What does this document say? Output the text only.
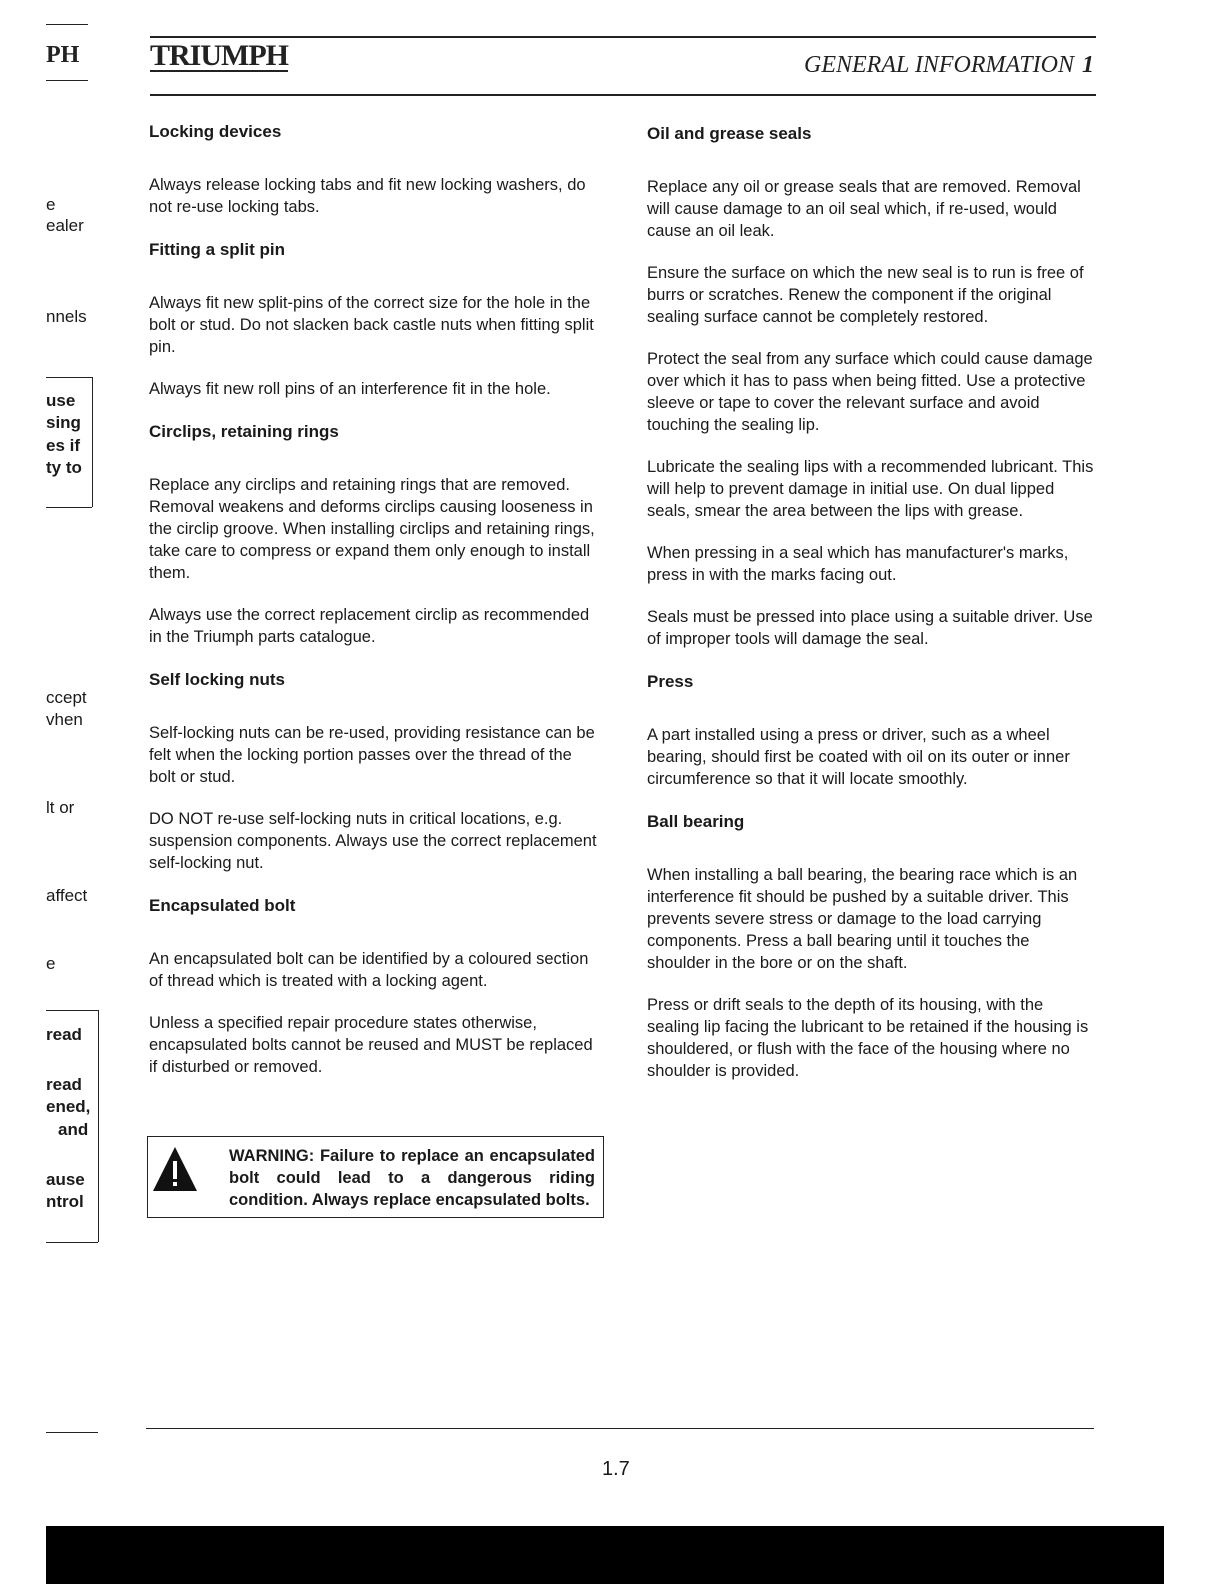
PH TRIUMPH	GENERAL INFORMATION 1
Locking devices

Always release locking tabs and fit new locking washers, do not re-use locking tabs.

Fitting a split pin

Always fit new split-pins of the correct size for the hole in the bolt or stud. Do not slacken back castle nuts when fitting split pin.

Always fit new roll pins of an interference fit in the hole.

Circlips, retaining rings

Replace any circlips and retaining rings that are removed. Removal weakens and deforms circlips causing looseness in the circlip groove. When installing circlips and retaining rings, take care to compress or expand them only enough to install them.

Always use the correct replacement circlip as recommended in the Triumph parts catalogue.

Self locking nuts

Self-locking nuts can be re-used, providing resistance can be felt when the locking portion passes over the thread of the bolt or stud.

DO NOT re-use self-locking nuts in critical locations, e.g. suspension components. Always use the correct replacement self-locking nut.

Encapsulated bolt

An encapsulated bolt can be identified by a coloured section of thread which is treated with a locking agent.

Unless a specified repair procedure states otherwise, encapsulated bolts cannot be reused and MUST be replaced if disturbed or removed.

WARNING: Failure to replace an encapsulated bolt could lead to a dangerous riding condition. Always replace encapsulated bolts.
Oil and grease seals

Replace any oil or grease seals that are removed. Removal will cause damage to an oil seal which, if re-used, would cause an oil leak.

Ensure the surface on which the new seal is to run is free of burrs or scratches. Renew the component if the original sealing surface cannot be completely restored.

Protect the seal from any surface which could cause damage over which it has to pass when being fitted. Use a protective sleeve or tape to cover the relevant surface and avoid touching the sealing lip.

Lubricate the sealing lips with a recommended lubricant. This will help to prevent damage in initial use. On dual lipped seals, smear the area between the lips with grease.

When pressing in a seal which has manufacturer's marks, press in with the marks facing out.

Seals must be pressed into place using a suitable driver. Use of improper tools will damage the seal.

Press

A part installed using a press or driver, such as a wheel bearing, should first be coated with oil on its outer or inner circumference so that it will locate smoothly.

Ball bearing

When installing a ball bearing, the bearing race which is an interference fit should be pushed by a suitable driver. This prevents severe stress or damage to the load carrying components. Press a ball bearing until it touches the shoulder in the bore or on the shaft.

Press or drift seals to the depth of its housing, with the sealing lip facing the lubricant to be retained if the housing is shouldered, or flush with the face of the housing where no shoulder is provided.

e
ealer
nnels
use
sing
es if
ty to
ccept
vhen
lt or
affect
e
read
read
ened,
and
ause
ntrol
1.7
